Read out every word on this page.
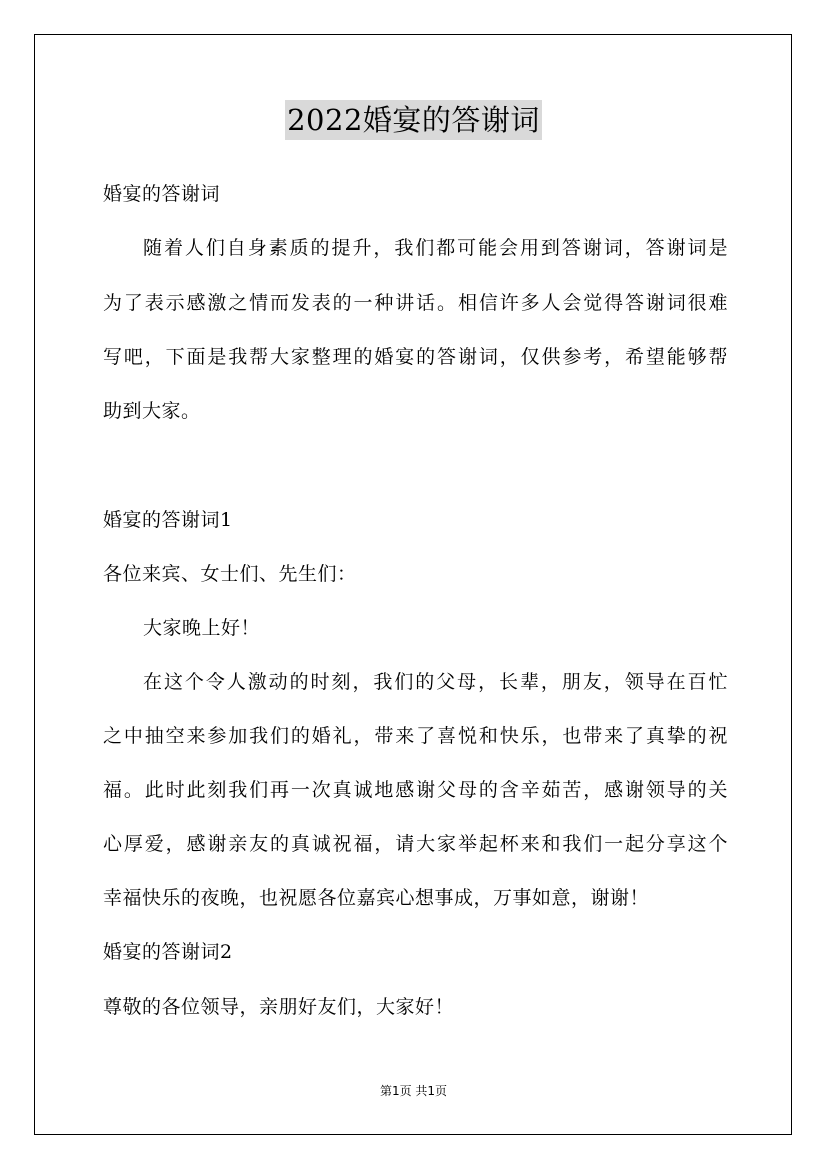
2022婚宴的答谢词
婚宴的答谢词
随着人们自身素质的提升，我们都可能会用到答谢词，答谢词是
为了表示感激之情而发表的一种讲话。相信许多人会觉得答谢词很难
写吧，下面是我帮大家整理的婚宴的答谢词，仅供参考，希望能够帮
助到大家。
婚宴的答谢词1
各位来宾、女士们、先生们：
大家晚上好！
在这个令人激动的时刻，我们的父母，长辈，朋友，领导在百忙
之中抽空来参加我们的婚礼，带来了喜悦和快乐，也带来了真挚的祝
福。此时此刻我们再一次真诚地感谢父母的含辛茹苦，感谢领导的关
心厚爱，感谢亲友的真诚祝福，请大家举起杯来和我们一起分享这个
幸福快乐的夜晚，也祝愿各位嘉宾心想事成，万事如意，谢谢！
婚宴的答谢词2
尊敬的各位领导，亲朋好友们，大家好！
第1页 共1页
